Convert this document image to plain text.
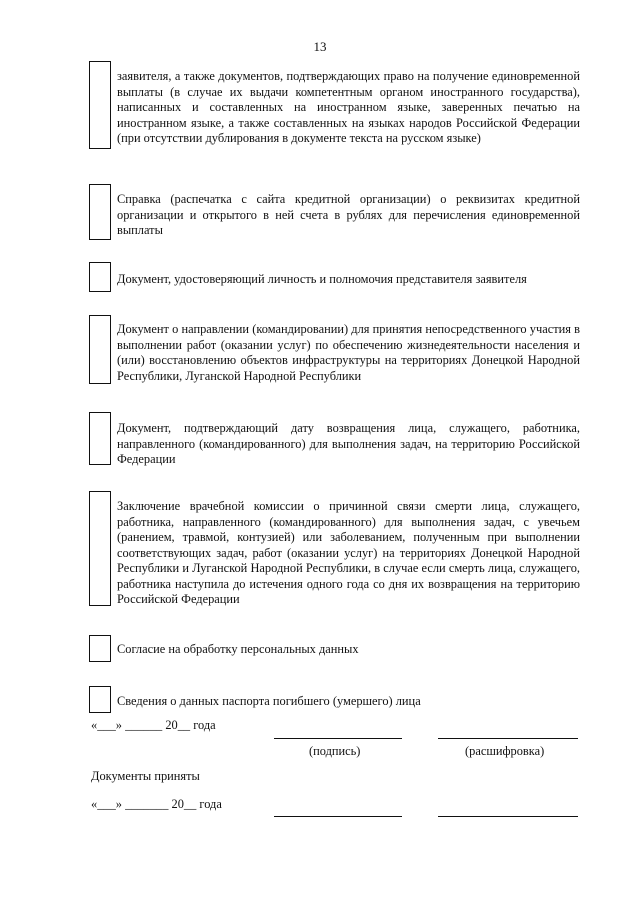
13
заявителя, а также документов, подтверждающих право на получение единовременной выплаты (в случае их выдачи компетентным органом иностранного государства), написанных и составленных на иностранном языке, заверенных печатью на иностранном языке, а также составленных на языках народов Российской Федерации (при отсутствии дублирования в документе текста на русском языке)
Справка (распечатка с сайта кредитной организации) о реквизитах кредитной организации и открытого в ней счета в рублях для перечисления единовременной выплаты
Документ, удостоверяющий личность и полномочия представителя заявителя
Документ о направлении (командировании) для принятия непосредственного участия в выполнении работ (оказании услуг) по обеспечению жизнедеятельности населения и (или) восстановлению объектов инфраструктуры на территориях Донецкой Народной Республики, Луганской Народной Республики
Документ, подтверждающий дату возвращения лица, служащего, работника, направленного (командированного) для выполнения задач, на территорию Российской Федерации
Заключение врачебной комиссии о причинной связи смерти лица, служащего, работника, направленного (командированного) для выполнения задач, с увечьем (ранением, травмой, контузией) или заболеванием, полученным при выполнении соответствующих задач, работ (оказании услуг) на территориях Донецкой Народной Республики и Луганской Народной Республики, в случае если смерть лица, служащего, работника наступила до истечения одного года со дня их возвращения на территорию Российской Федерации
Согласие на обработку персональных данных
Сведения о данных паспорта погибшего (умершего) лица
«___» ______ 20__ года
(подпись)	(расшифровка)
Документы приняты
«___» _______ 20__ года
